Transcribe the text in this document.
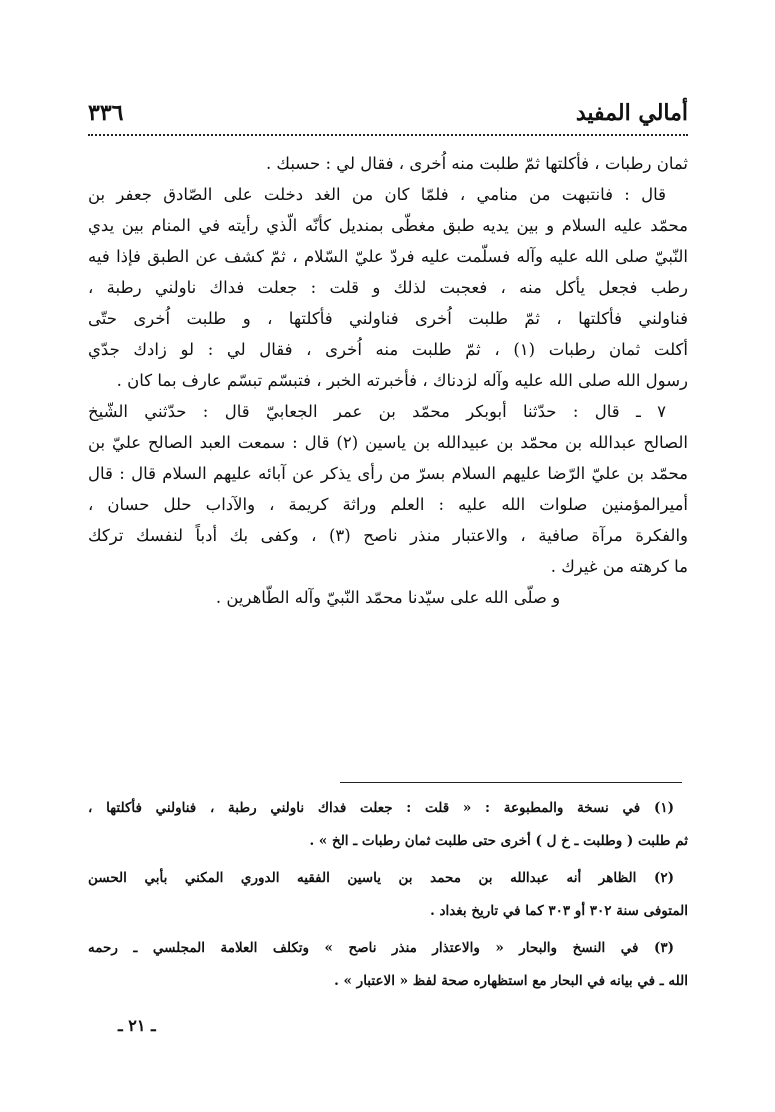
أمالي المفيد
٣٣٦
ثمان رطبات ، فأكلتها ثمّ طلبت منه اُخرى ، فقال لي : حسبك .
قال : فانتبهت من منامي ، فلمّا كان من الغد دخلت على الصّادق جعفر بن
محمّد عليه السلام و بين يديه طبق مغطّى بمنديل كأنّه الّذي رأيته في المنام بين يدي
النّبيّ صلى الله عليه وآله فسلّمت عليه فردّ عليّ السّلام ، ثمّ كشف عن الطبق فإذا فيه
رطب فجعل يأكل منه ، فعجبت لذلك و قلت : جعلت فداك ناولني رطبة ،
فناولني فأكلتها ، ثمّ طلبت اُخرى فناولني فأكلتها ، و طلبت اُخرى حتّى
أكلت ثمان رطبات (١) ، ثمّ طلبت منه اُخرى ، فقال لي : لو زادك جدّي
رسول الله صلى الله عليه وآله لزدناك ، فأخبرته الخبر ، فتبسّم تبسّم عارف بما كان .
٧ ـ قال : حدّثنا أبوبكر محمّد بن عمر الجعابيّ قال : حدّثني الشّيخ
الصالح عبدالله بن محمّد بن عبيدالله بن ياسين (٢) قال : سمعت العبد الصالح عليّ بن
محمّد بن عليّ الرّضا عليهم السلام بسرّ من رأى يذكر عن آبائه عليهم السلام قال : قال
أميرالمؤمنين صلوات الله عليه : العلم وراثة كريمة ، والآداب حلل حسان ،
والفكرة مرآة صافية ، والاعتبار منذر ناصح (٣) ، وكفى بك أدباً لنفسك تركك
ما كرهته من غيرك .
و صلّى الله على سيّدنا محمّد النّبيّ وآله الطّاهرين .
(١) في نسخة والمطبوعة : « قلت : جعلت فداك ناولني رطبة ، فناولني فأكلتها ،
ثم طلبت ( وطلبت ـ خ ل ) أخرى حتى طلبت ثمان رطبات ـ الخ » .
(٢) الظاهر أنه عبدالله بن محمد بن ياسين الفقيه الدوري المكني بأبي الحسن
المتوفى سنة ٣٠٢ أو ٣٠٣ كما في تاريخ بغداد .
(٣) في النسخ والبحار « والاعتذار منذر ناصح » وتكلف العلامة المجلسي ـ رحمه
الله ـ في بيانه في البحار مع استظهاره صحة لفظ « الاعتبار » .
ـ ٢١ ـ
